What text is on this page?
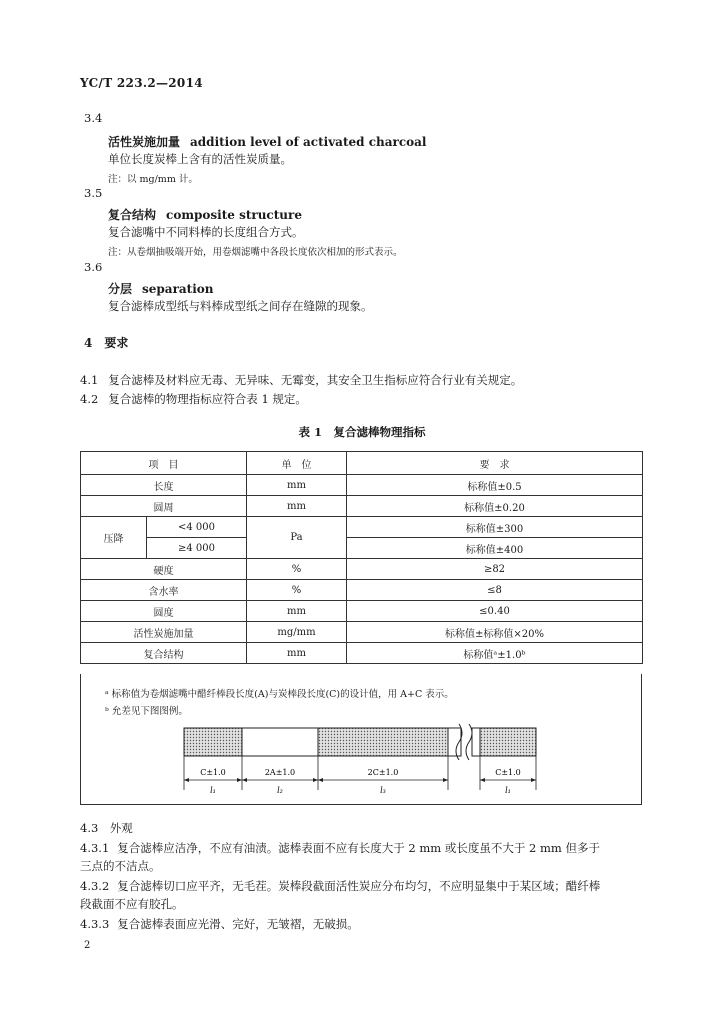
YC/T 223.2—2014
3.4
活性炭施加量 addition level of activated charcoal
单位长度炭棒上含有的活性炭质量。
注：以 mg/mm 计。
3.5
复合结构 composite structure
复合滤嘴中不同料棒的长度组合方式。
注：从卷烟抽吸端开始，用卷烟滤嘴中各段长度依次相加的形式表示。
3.6
分层 separation
复合滤棒成型纸与料棒成型纸之间存在缝隙的现象。
4 要求
4.1 复合滤棒及材料应无毒、无异味、无霉变，其安全卫生指标应符合行业有关规定。
4.2 复合滤棒的物理指标应符合表 1 规定。
表 1　复合滤棒物理指标
项　目		单　位	要　求
长度		mm	标称值±0.5
圆周		mm	标称值±0.20
压降	<4 000	Pa	标称值±300
	≥4 000		标称值±400
硬度		%	≥82
含水率		%	≤8
圆度		mm	≤0.40
活性炭施加量		mg/mm	标称值±标称值×20%
复合结构		mm	标称值ᵃ±1.0ᵇ
ᵃ 标称值为卷烟滤嘴中醋纤棒段长度(A)与炭棒段长度(C)的设计值，用 A+C 表示。
ᵇ 允差见下图图例。
C±1.0	2A±1.0	2C±1.0	C±1.0
l₁	l₂	l₃	l₁
4.3　外观
4.3.1 复合滤棒应洁净，不应有油渍。滤棒表面不应有长度大于 2 mm 或长度虽不大于 2 mm 但多于
三点的不洁点。
4.3.2 复合滤棒切口应平齐，无毛茬。炭棒段截面活性炭应分布均匀，不应明显集中于某区域；醋纤棒
段截面不应有胶孔。
4.3.3 复合滤棒表面应光滑、完好，无皱褶，无破损。
2
